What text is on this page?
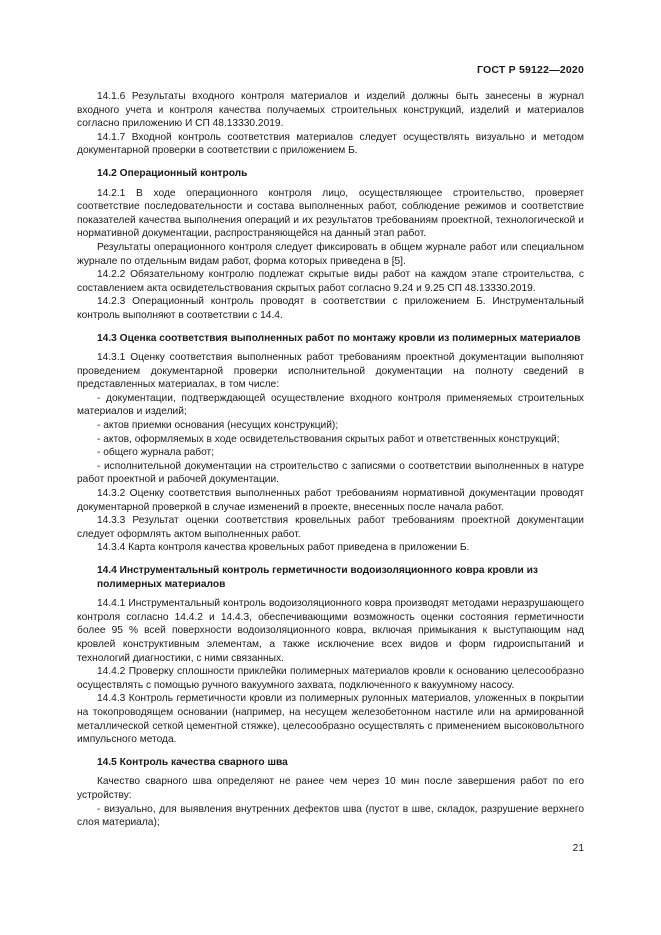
ГОСТ Р 59122—2020

14.1.6 Результаты входного контроля материалов и изделий должны быть занесены в журнал входного учета и контроля качества получаемых строительных конструкций, изделий и материалов согласно приложению И СП 48.13330.2019.

14.1.7 Входной контроль соответствия материалов следует осуществлять визуально и методом документарной проверки в соответствии с приложением Б.

14.2 Операционный контроль

14.2.1 В ходе операционного контроля лицо, осуществляющее строительство, проверяет соответствие последовательности и состава выполненных работ, соблюдение режимов и соответствие показателей качества выполнения операций и их результатов требованиям проектной, технологической и нормативной документации, распространяющейся на данный этап работ.

Результаты операционного контроля следует фиксировать в общем журнале работ или специальном журнале по отдельным видам работ, форма которых приведена в [5].

14.2.2 Обязательному контролю подлежат скрытые виды работ на каждом этапе строительства, с составлением акта освидетельствования скрытых работ согласно 9.24 и 9.25 СП 48.13330.2019.

14.2.3 Операционный контроль проводят в соответствии с приложением Б. Инструментальный контроль выполняют в соответствии с 14.4.

14.3 Оценка соответствия выполненных работ по монтажу кровли из полимерных материалов

14.3.1 Оценку соответствия выполненных работ требованиям проектной документации выполняют проведением документарной проверки исполнительной документации на полноту сведений в представленных материалах, в том числе:

- документации, подтверждающей осуществление входного контроля применяемых строительных материалов и изделий;

- актов приемки основания (несущих конструкций);

- актов, оформляемых в ходе освидетельствования скрытых работ и ответственных конструкций;

- общего журнала работ;

- исполнительной документации на строительство с записями о соответствии выполненных в натуре работ проектной и рабочей документации.

14.3.2 Оценку соответствия выполненных работ требованиям нормативной документации проводят документарной проверкой в случае изменений в проекте, внесенных после начала работ.

14.3.3 Результат оценки соответствия кровельных работ требованиям проектной документации следует оформлять актом выполненных работ.

14.3.4 Карта контроля качества кровельных работ приведена в приложении Б.

14.4 Инструментальный контроль герметичности водоизоляционного ковра кровли из полимерных материалов

14.4.1 Инструментальный контроль водоизоляционного ковра производят методами неразрушающего контроля согласно 14.4.2 и 14.4.3, обеспечивающими возможность оценки состояния герметичности более 95 % всей поверхности водоизоляционного ковра, включая примыкания к выступающим над кровлей конструктивным элементам, а также исключение всех видов и форм гидроиспытаний и технологий диагностики, с ними связанных.

14.4.2 Проверку сплошности приклейки полимерных материалов кровли к основанию целесообразно осуществлять с помощью ручного вакуумного захвата, подключенного к вакуумному насосу.

14.4.3 Контроль герметичности кровли из полимерных рулонных материалов, уложенных в покрытии на токопроводящем основании (например, на несущем железобетонном настиле или на армированной металлической сеткой цементной стяжке), целесообразно осуществлять с применением высоковольтного импульсного метода.

14.5 Контроль качества сварного шва

Качество сварного шва определяют не ранее чем через 10 мин после завершения работ по его устройству:

- визуально, для выявления внутренних дефектов шва (пустот в шве, складок, разрушение верхнего слоя материала);

21
